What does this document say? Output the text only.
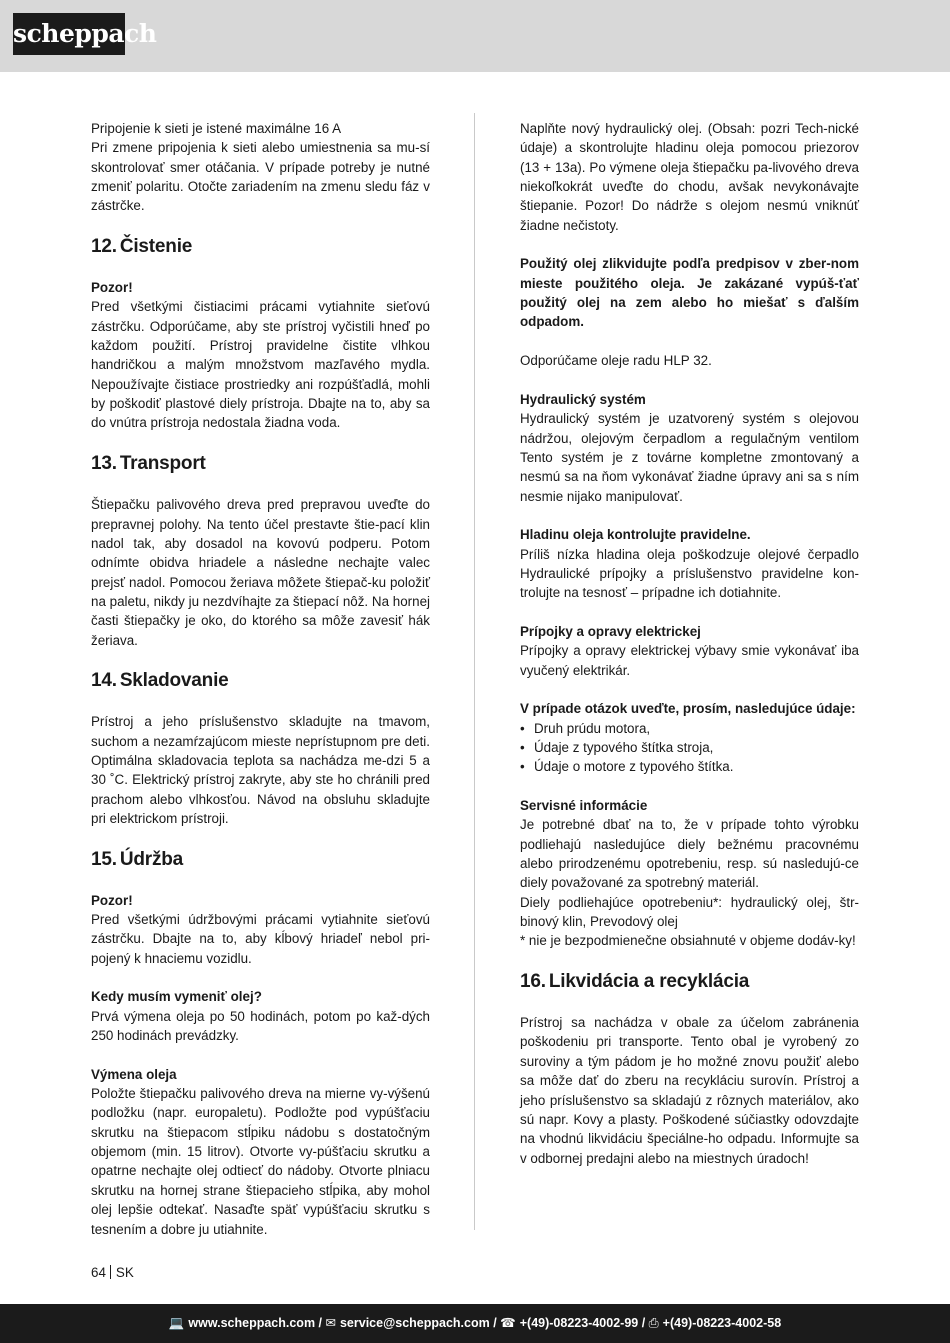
scheppach

Pripojenie k sieti je istené maximálne 16 A
Pri zmene pripojenia k sieti alebo umiestnenia sa mu-sí skontrolovať smer otáčania. V prípade potreby je nutné zmeniť polaritu. Otočte zariadením na zmenu sledu fáz v zástrčke.

12. Čistenie

Pozor!

Pred všetkými čistiacimi prácami vytiahnite sieťovú zástrčku. Odporúčame, aby ste prístroj vyčistili hneď po každom použití. Prístroj pravidelne čistite vlhkou handričkou a malým množstvom mazľavého mydla. Nepoužívajte čistiace prostriedky ani rozpúšťadlá, mohli by poškodiť plastové diely prístroja. Dbajte na to, aby sa do vnútra prístroja nedostala žiadna voda.

13. Transport

Štiepačku palivového dreva pred prepravou uveďte do prepravnej polohy. Na tento účel prestavte štie-pací klin nadol tak, aby dosadol na kovovú podperu. Potom odnímte obidva hriadele a následne nechajte valec prejsť nadol. Pomocou žeriava môžete štiepač-ku položiť na paletu, nikdy ju nezdvíhajte za štiepací nôž. Na hornej časti štiepačky je oko, do ktorého sa môže zavesiť hák žeriava.

14. Skladovanie

Prístroj a jeho príslušenstvo skladujte na tmavom, suchom a nezamŕzajúcom mieste neprístupnom pre deti. Optimálna skladovacia teplota sa nachádza me-dzi 5 a 30 ˚C. Elektrický prístroj zakryte, aby ste ho chránili pred prachom alebo vlhkosťou. Návod na obsluhu skladujte pri elektrickom prístroji.

15. Údržba

Pozor!

Pred všetkými údržbovými prácami vytiahnite sieťovú zástrčku. Dbajte na to, aby kĺbový hriadeľ nebol pri-pojený k hnaciemu vozidlu.

Kedy musím vymeniť olej?

Prvá výmena oleja po 50 hodinách, potom po kaž-dých 250 hodinách prevádzky.

Výmena oleja

Položte štiepačku palivového dreva na mierne vy-výšenú podložku (napr. europaletu). Podložte pod vypúšťaciu skrutku na štiepacom stĺpiku nádobu s dostatočným objemom (min. 15 litrov). Otvorte vy-púšťaciu skrutku a opatrne nechajte olej odtiecť do nádoby. Otvorte plniacu skrutku na hornej strane štiepacieho stĺpika, aby mohol olej lepšie odtekať. Nasaďte späť vypúšťaciu skrutku s tesnením a dobre ju utiahnite.

Naplňte nový hydraulický olej. (Obsah: pozri Tech-nické údaje) a skontrolujte hladinu oleja pomocou priezorov (13 + 13a). Po výmene oleja štiepačku pa-livového dreva niekoľkokrát uveďte do chodu, avšak nevykonávajte štiepanie. Pozor! Do nádrže s olejom nesmú vniknúť žiadne nečistoty.

Použitý olej zlikvidujte podľa predpisov v zber-nom mieste použitého oleja. Je zakázané vypúš-ťať použitý olej na zem alebo ho miešať s ďalším odpadom.

Odporúčame oleje radu HLP 32.

Hydraulický systém

Hydraulický systém je uzatvorený systém s olejovou nádržou, olejovým čerpadlom a regulačným ventilom Tento systém je z továrne kompletne zmontovaný a nesmú sa na ňom vykonávať žiadne úpravy ani sa s ním nesmie nijako manipulovať.

Hladinu oleja kontrolujte pravidelne.

Príliš nízka hladina oleja poškodzuje olejové čerpadlo Hydraulické prípojky a príslušenstvo pravidelne kon-trolujte na tesnosť – prípadne ich dotiahnite.

Prípojky a opravy elektrickej

Prípojky a opravy elektrickej výbavy smie vykonávať iba vyučený elektrikár.

V prípade otázok uveďte, prosím, nasledujúce údaje:

• Druh prúdu motora,
• Údaje z typového štítka stroja,
• Údaje o motore z typového štítka.

Servisné informácie

Je potrebné dbať na to, že v prípade tohto výrobku podliehajú nasledujúce diely bežnému pracovnému alebo prirodzenému opotrebeniu, resp. sú nasledujú-ce diely považované za spotrebný materiál.
Diely podliehajúce opotrebeniu*: hydraulický olej, štr-binový klin, Prevodový olej
* nie je bezpodmienečne obsiahnuté v objeme dodáv-ky!

16. Likvidácia a recyklácia

Prístroj sa nachádza v obale za účelom zabránenia poškodeniu pri transporte. Tento obal je vyrobený zo suroviny a tým pádom je ho možné znovu použiť alebo sa môže dať do zberu na recykláciu surovín. Prístroj a jeho príslušenstvo sa skladajú z rôznych materiálov, ako sú napr. Kovy a plasty. Poškodené súčiastky odovzdajte na vhodnú likvidáciu špeciálne-ho odpadu. Informujte sa v odbornej predajni alebo na miestnych úradoch!

64 SK
💻 www.scheppach.com / ✉ service@scheppach.com / ☎ +(49)-08223-4002-99 / ⎙ +(49)-08223-4002-58
